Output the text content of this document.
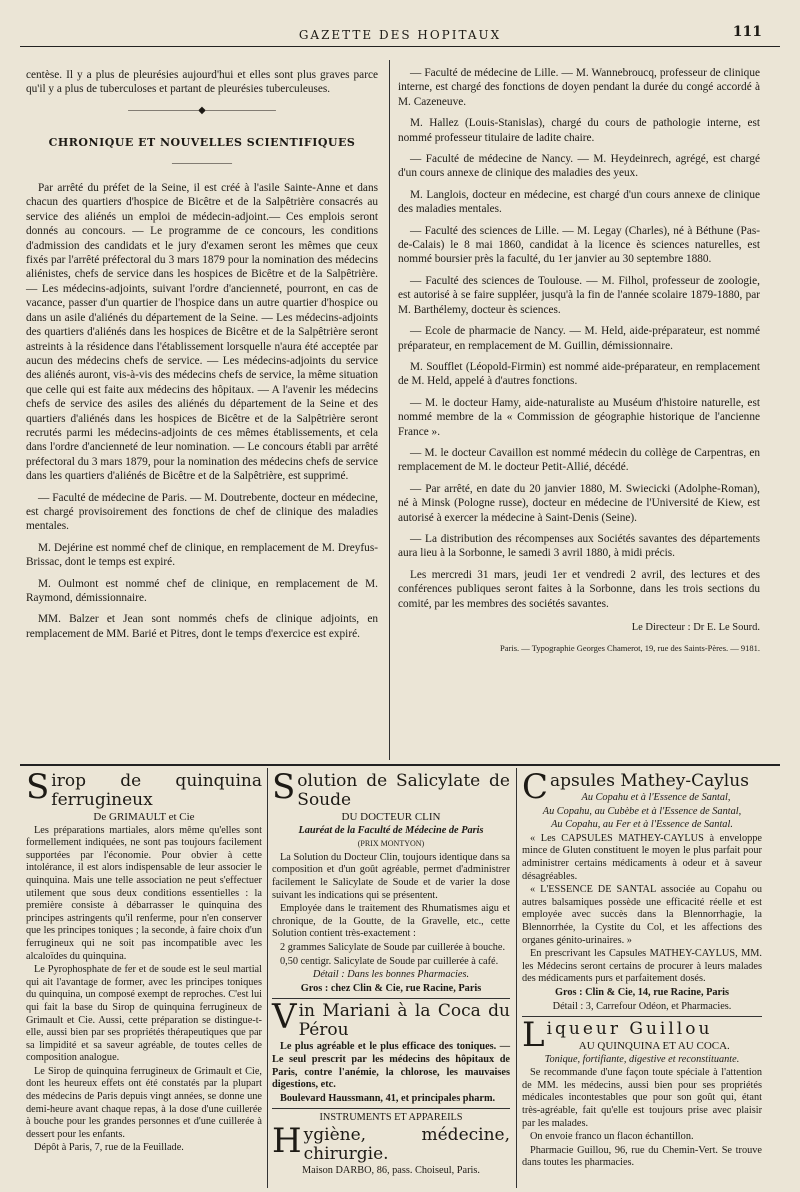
GAZETTE DES HOPITAUX	111

centèse. Il y a plus de pleurésies aujourd'hui et elles sont plus graves parce qu'il y a plus de tuberculoses et partant de pleurésies tuberculeuses.

———————◆———————
CHRONIQUE ET NOUVELLES SCIENTIFIQUES
——————

Par arrêté du préfet de la Seine, il est créé à l'asile Sainte-Anne et dans chacun des quartiers d'hospice de Bicêtre et de la Salpêtrière consacrés au service des aliénés un emploi de médecin-adjoint.— Ces emplois seront donnés au concours. — Le programme de ce concours, les conditions d'admission des candidats et le jury d'examen seront les mêmes que ceux fixés par l'arrêté préfectoral du 3 mars 1879 pour la nomination des médecins aliénistes, chefs de service dans les hospices de Bicêtre et de la Salpêtrière. — Les médecins-adjoints, suivant l'ordre d'ancienneté, pourront, en cas de vacance, passer d'un quartier de l'hospice dans un autre quartier d'hospice ou dans un asile d'aliénés du département de la Seine. — Les médecins-adjoints des quartiers d'aliénés dans les hospices de Bicêtre et de la Salpêtrière seront astreints à la résidence dans l'établissement lorsquelle n'aura été acceptée par aucun des médecins chefs de service. — Les médecins-adjoints du service des aliénés auront, vis-à-vis des médecins chefs de service, la même situation que celle qui est faite aux médecins des hôpitaux. — A l'avenir les médecins chefs de service des asiles des aliénés du département de la Seine et des quartiers d'aliénés dans les hospices de Bicêtre et de la Salpêtrière seront recrutés parmi les médecins-adjoints de ces mêmes établissements, et cela dans l'ordre d'ancienneté de leur nomination. — Le concours établi par arrêté préfectoral du 3 mars 1879, pour la nomination des médecins chefs de service dans les quartiers d'aliénés de Bicêtre et de la Salpêtrière, est supprimé.

— Faculté de médecine de Paris. — M. Doutrebente, docteur en médecine, est chargé provisoirement des fonctions de chef de clinique des maladies mentales.

M. Dejérine est nommé chef de clinique, en remplacement de M. Dreyfus-Brissac, dont le temps est expiré.

M. Oulmont est nommé chef de clinique, en remplacement de M. Raymond, démissionnaire.

MM. Balzer et Jean sont nommés chefs de clinique adjoints, en remplacement de MM. Barié et Pitres, dont le temps d'exercice est expiré.

— Faculté de médecine de Lille. — M. Wannebroucq, professeur de clinique interne, est chargé des fonctions de doyen pendant la durée du congé accordé à M. Cazeneuve.

M. Hallez (Louis-Stanislas), chargé du cours de pathologie interne, est nommé professeur titulaire de ladite chaire.

— Faculté de médecine de Nancy. — M. Heydeinrech, agrégé, est chargé d'un cours annexe de clinique des maladies des yeux.

M. Langlois, docteur en médecine, est chargé d'un cours annexe de clinique des maladies mentales.

— Faculté des sciences de Lille. — M. Legay (Charles), né à Béthune (Pas-de-Calais) le 8 mai 1860, candidat à la licence ès sciences naturelles, est nommé boursier près la faculté, du 1er janvier au 30 septembre 1880.

— Faculté des sciences de Toulouse. — M. Filhol, professeur de zoologie, est autorisé à se faire suppléer, jusqu'à la fin de l'année scolaire 1879-1880, par M. Barthélemy, docteur ès sciences.

— Ecole de pharmacie de Nancy. — M. Held, aide-préparateur, est nommé préparateur, en remplacement de M. Guillin, démissionnaire.

M. Soufflet (Léopold-Firmin) est nommé aide-préparateur, en remplacement de M. Held, appelé à d'autres fonctions.

— M. le docteur Hamy, aide-naturaliste au Muséum d'histoire naturelle, est nommé membre de la « Commission de géographie historique de l'ancienne France ».

— M. le docteur Cavaillon est nommé médecin du collège de Carpentras, en remplacement de M. le docteur Petit-Allié, décédé.

— Par arrêté, en date du 20 janvier 1880, M. Swiecicki (Adolphe-Roman), né à Minsk (Pologne russe), docteur en médecine de l'Université de Kiew, est autorisé à exercer la médecine à Saint-Denis (Seine).

— La distribution des récompenses aux Sociétés savantes des départements aura lieu à la Sorbonne, le samedi 3 avril 1880, à midi précis.

Les mercredi 31 mars, jeudi 1er et vendredi 2 avril, des lectures et des conférences publiques seront faites à la Sorbonne, dans les trois sections du comité, par les membres des sociétés savantes.

Le Directeur : Dr E. Le Sourd.
Paris. — Typographie Georges Chamerot, 19, rue des Saints-Pères. — 9181.

Sirop de quinquina ferrugineux

De GRIMAULT et Cie

Les préparations martiales, alors même qu'elles sont formellement indiquées, ne sont pas toujours facilement supportées par l'économie. Pour obvier à cette intolérance, il est alors indispensable de leur associer le quinquina. Mais une telle association ne peut s'effectuer utilement que sous deux conditions essentielles : la première consiste à débarrasser le quinquina des principes astringents qu'il renferme, pour n'en conserver que les principes toniques ; la seconde, à faire choix d'un ferrugineux qui ne soit pas incompatible avec les alcaloïdes du quinquina.

Le Pyrophosphate de fer et de soude est le seul martial qui ait l'avantage de former, avec les principes toniques du quinquina, un composé exempt de reproches. C'est lui qui fait la base du Sirop de quinquina ferrugineux de Grimault et Cie. Aussi, cette préparation se distingue-t-elle, aussi bien par ses propriétés thérapeutiques que par sa limpidité et sa saveur agréable, de toutes celles de composition analogue.

Le Sirop de quinquina ferrugineux de Grimault et Cie, dont les heureux effets ont été constatés par la plupart des médecins de Paris depuis vingt années, se donne une demi-heure avant chaque repas, à la dose d'une cuillerée à bouche pour les grandes personnes et d'une cuillerée à dessert pour les enfants.

Dépôt à Paris, 7, rue de la Feuillade.

Solution de Salicylate de Soude

DU DOCTEUR CLIN

Lauréat de la Faculté de Médecine de Paris

(PRIX MONTYON)

La Solution du Docteur Clin, toujours identique dans sa composition et d'un goût agréable, permet d'administrer facilement le Salicylate de Soude et de varier la dose suivant les indications qui se présentent.

Employée dans le traitement des Rhumatismes aigu et chronique, de la Goutte, de la Gravelle, etc., cette Solution contient très-exactement :

2 grammes Salicylate de Soude par cuillerée à bouche.

0,50 centigr. Salicylate de Soude par cuillerée à café.

Détail : Dans les bonnes Pharmacies.

Gros : chez Clin & Cie, rue Racine, Paris

Vin Mariani à la Coca du Pérou

Le plus agréable et le plus efficace des toniques. — Le seul prescrit par les médecins des hôpitaux de Paris, contre l'anémie, la chlorose, les mauvaises digestions, etc.

Boulevard Haussmann, 41, et principales pharm.

INSTRUMENTS ET APPAREILS

Hygiène, médecine, chirurgie.

Maison DARBO, 86, pass. Choiseul, Paris.

Capsules Mathey-Caylus

Au Copahu et à l'Essence de Santal,

Au Copahu, au Cubèbe et à l'Essence de Santal,

Au Copahu, au Fer et à l'Essence de Santal.

« Les CAPSULES MATHEY-CAYLUS à enveloppe mince de Gluten constituent le moyen le plus parfait pour administrer certains médicaments à odeur et à saveur désagréables.

« L'ESSENCE DE SANTAL associée au Copahu ou autres balsamiques possède une efficacité réelle et est employée avec succès dans la Blennorrhagie, la Blennorrhée, la Cystite du Col, et les affections des organes génito-urinaires. »

En prescrivant les Capsules MATHEY-CAYLUS, MM. les Médecins seront certains de procurer à leurs malades des médicaments purs et parfaitement dosés.

Gros : Clin & Cie, 14, rue Racine, Paris

Détail : 3, Carrefour Odéon, et Pharmacies.

Liqueur Guillou

AU QUINQUINA ET AU COCA.

Tonique, fortifiante, digestive et reconstituante.

Se recommande d'une façon toute spéciale à l'attention de MM. les médecins, aussi bien pour ses propriétés médicales incontestables que pour son goût qui, étant très-agréable, fait qu'elle est toujours prise avec plaisir par les malades.

On envoie franco un flacon échantillon.

Pharmacie Guillou, 96, rue du Chemin-Vert. Se trouve dans toutes les pharmacies.
